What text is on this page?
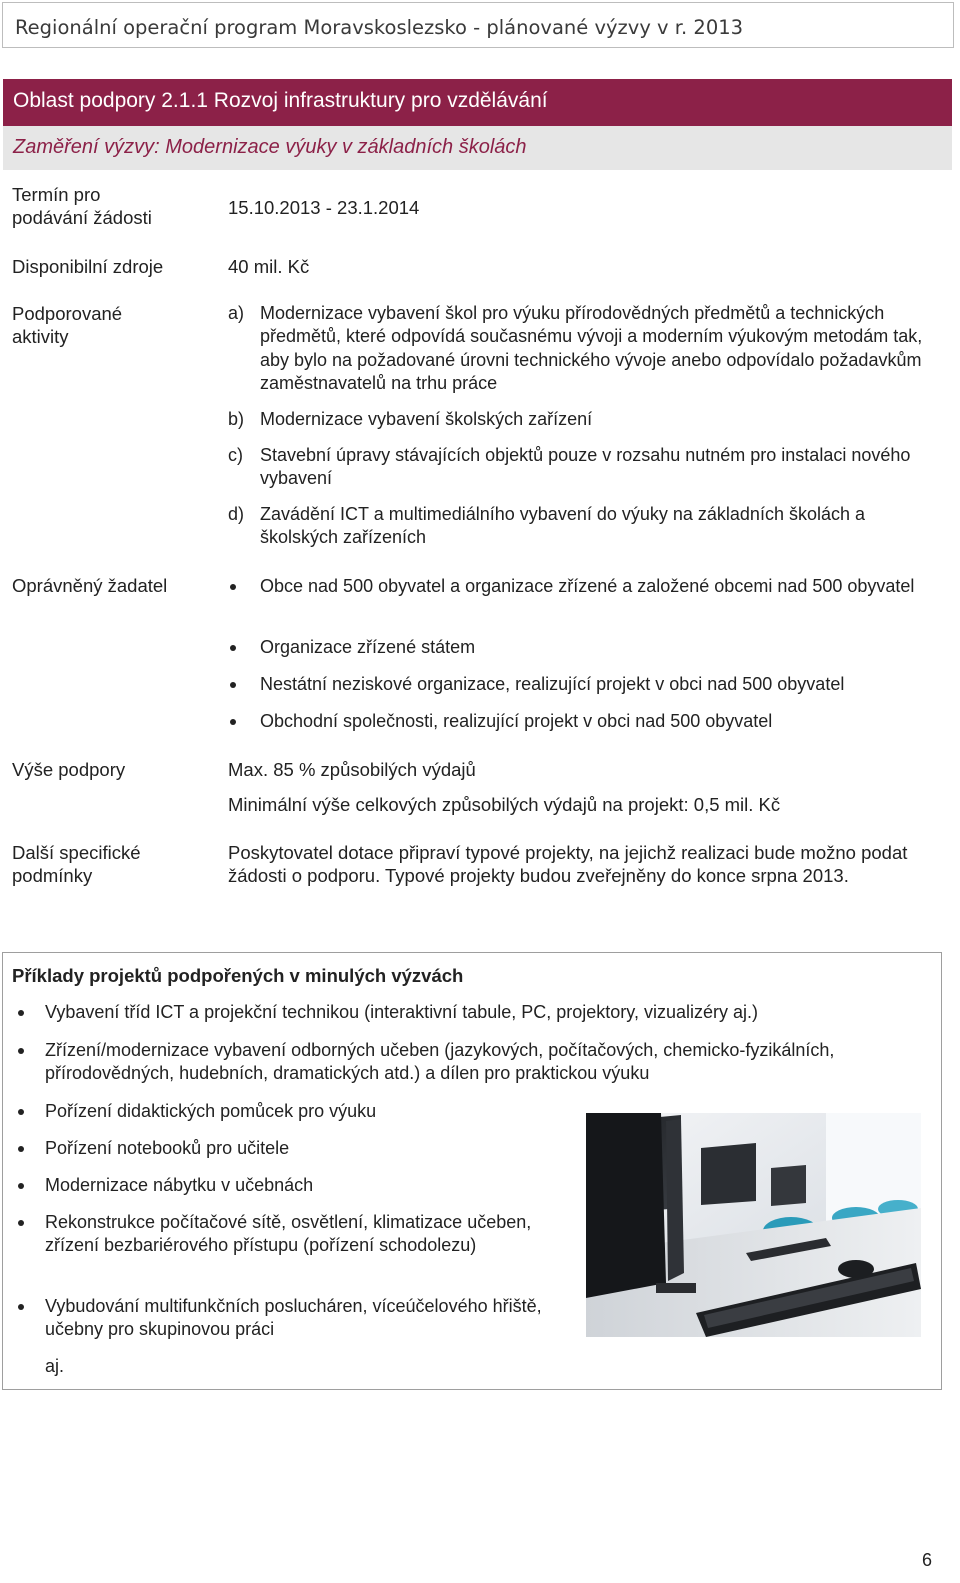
Regionální operační program Moravskoslezsko - plánované výzvy v r. 2013
Oblast podpory 2.1.1 Rozvoj infrastruktury pro vzdělávání
Zaměření výzvy: Modernizace výuky v základních školách
Termín pro
podávání žádosti	15.10.2013 - 23.1.2014
Disponibilní zdroje	40 mil. Kč
Podporované
aktivity
a) Modernizace vybavení škol pro výuku přírodovědných předmětů a technických předmětů, které odpovídá současnému vývoji a moderním výukovým metodám tak, aby bylo na požadované úrovni technického vývoje anebo odpovídalo požadavkům zaměstnavatelů na trhu práce
b) Modernizace vybavení školských zařízení
c) Stavební úpravy stávajících objektů pouze v rozsahu nutném pro instalaci nového vybavení
d) Zavádění ICT a multimediálního vybavení do výuky na základních školách a školských zařízeních
Oprávněný žadatel	Obce nad 500 obyvatel a organizace zřízené a založené obcemi nad 500 obyvatel
Organizace zřízené státem
Nestátní neziskové organizace, realizující projekt v obci nad 500 obyvatel
Obchodní společnosti, realizující projekt v obci nad 500 obyvatel
Výše podpory	Max. 85 % způsobilých výdajů
Minimální výše celkových způsobilých výdajů na projekt: 0,5 mil. Kč
Další specifické
podmínky
Poskytovatel dotace připraví typové projekty, na jejichž realizaci bude možno podat žádosti o podporu. Typové projekty budou zveřejněny do konce srpna 2013.
Příklady projektů podpořených v minulých výzvách
Vybavení tříd ICT a projekční technikou (interaktivní tabule, PC, projektory, vizualizéry aj.)
Zřízení/modernizace vybavení odborných učeben (jazykových, počítačových, chemicko-fyzikálních, přírodovědných, hudebních, dramatických atd.) a dílen pro praktickou výuku
Pořízení didaktických pomůcek pro výuku
Pořízení notebooků pro učitele
Modernizace nábytku v učebnách
Rekonstrukce počítačové sítě, osvětlení, klimatizace učeben, zřízení bezbariérového přístupu (pořízení schodolezu)
Vybudování multifunkčních poslucháren, víceúčelového hřiště, učebny pro skupinovou práci
aj.
6
